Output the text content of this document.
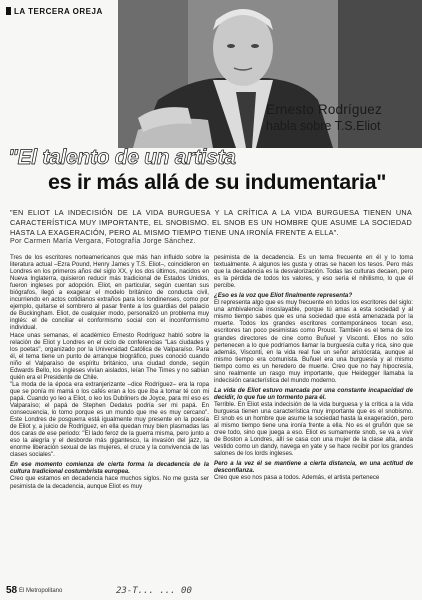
LA TERCERA OREJA
Ernesto Rodríguez
habla sobre T.S.Eliot
"El talento de un artista
es ir más allá de su indumentaria"
"EN ELIOT LA INDECISIÓN DE LA VIDA BURGUESA Y LA CRÍTICA A LA VIDA BURGUESA TIENEN UNA CARACTERÍSTICA MUY IMPORTANTE, EL SNOBISMO. EL SNOB ES UN HOMBRE QUE ASUME LA SOCIEDAD HASTA LA EXAGERACIÓN, PERO AL MISMO TIEMPO TIENE UNA IRONÍA FRENTE A ELLA".
Por Carmen María Vergara, Fotografía Jorge Sánchez.

Tres de los escritores norteamericanos que más han influido sobre la literatura actual –Ezra Pound, Henry James y T.S. Eliot–, coincidieron en Londres en los primeros años del siglo XX, y los dos últimos, nacidos en Nueva Inglaterra, quisieron reducir más tradicional de Estados Unidos, fueron ingleses por adopción. Eliot, en particular, según cuentan sus biógrafos, llegó a exagerar el modelo británico de conducta civil, incurriendo en actos cotidianos extraños para los londinenses, como por ejemplo, quitarse el sombrero al pasar frente a los guardias del palacio de Buckingham. Eliot, de cualquier modo, personalizó un problema muy inglés: el de conciliar el conformismo social con el inconformismo individual.

Hace unas semanas, el académico Ernesto Rodríguez habló sobre la relación de Eliot y Londres en el ciclo de conferencias "Las ciudades y los poetas", organizado por la Universidad Católica de Valparaíso. Para él, el tema tiene un punto de arranque biográfico, pues conoció cuando niño el Valparaíso de espíritu británico, una ciudad donde, según Edwards Bello, los ingleses vivían aislados, leían The Times y no sabían quién era el Presidente de Chile.

"La moda de la época era extranjerizante –dice Rodríguez– era la ropa que se ponía mi mamá o los cafés eran a los que iba a tomar té con mi papá. Cuando yo leo a Eliot, o leo los Dubliners de Joyce, para mí eso es Valparaíso; el papá de Stephen Dedalus podría ser mi papá. En consecuencia, lo tomo porque es un mundo que me es muy cercano". Este Londres de posguerra está igualmente muy presente en la poesía de Eliot y, a juicio de Rodríguez, en ella quedan muy bien plasmadas las dos caras de ese periodo: "El lado feroz de la guerra misma, pero junto a eso la alegría y el desborde más gigantesco, la invasión del jazz, la enorme liberación sexual de las mujeres, el cruce y la convivencia de las clases sociales".

En ese momento comienza de cierta forma la decadencia de la cultura tradicional costumbrista europea.

Creo que estamos en decadencia hace muchos siglos. No me gusta ser pesimista de la decadencia, aunque Eliot es muy

pesimista de la decadencia. Es un tema frecuente en él y lo toma textualmente. A algunos les gusta y otras se hacen los tesos. Pero más que la decadencia es la desvalorización. Todas las culturas decaen, pero es la pérdida de todos los valores, y eso sería el nihilismo, lo que él percibe.

¿Eso es la voz que Eliot finalmente representa?

El representa algo que es muy frecuente en todos los escritores del siglo: una ambivalencia insoslayable, porque tú amas a esta sociedad y al mismo tiempo sabes que es una sociedad que está amenazada por la muerte. Todos los grandes escritores contemporáneos tocan eso, escritores tan poco pesimistas como Proust. También es el tema de los grandes directores de cine como Buñuel y Visconti. Ellos no sólo pertenecen a lo que podríamos llamar la burguesía culta y rica, sino que además, Visconti, en la vida real fue un señor aristócrata, aunque al mismo tiempo era comunista. Buñuel era una burguesía y al mismo tiempo como es un heredero de muerte. Creo que no hay hipocresía, sino realmente un rasgo muy importante, que Heidegger llamaba la indecisión característica del mundo moderno.

La vida de Eliot estuvo marcada por una constante incapacidad de decidir, lo que fue un tormento para él.

Terrible. En Eliot esta indecisión de la vida burguesa y la crítica a la vida burguesa tienen una característica muy importante que es el snobismo. El snob es un hombre que asume la sociedad hasta la exageración, pero al mismo tiempo tiene una ironía frente a ella. No es el gruñón que se cree todo, sino que juega a eso. Eliot es sumamente snob, se va a vivir de Boston a Londres, allí se casa con una mujer de la clase alta, anda vestido como un dandy, navega en yate y se hace recibir por los grandes salones de los lords ingleses.

Pero a la vez él se mantiene a cierta distancia, en una actitud de desconfianza.

Creo que eso nos pasa a todos. Además, el artista pertenece

58 El Metropolitano	23-T... ... 00
